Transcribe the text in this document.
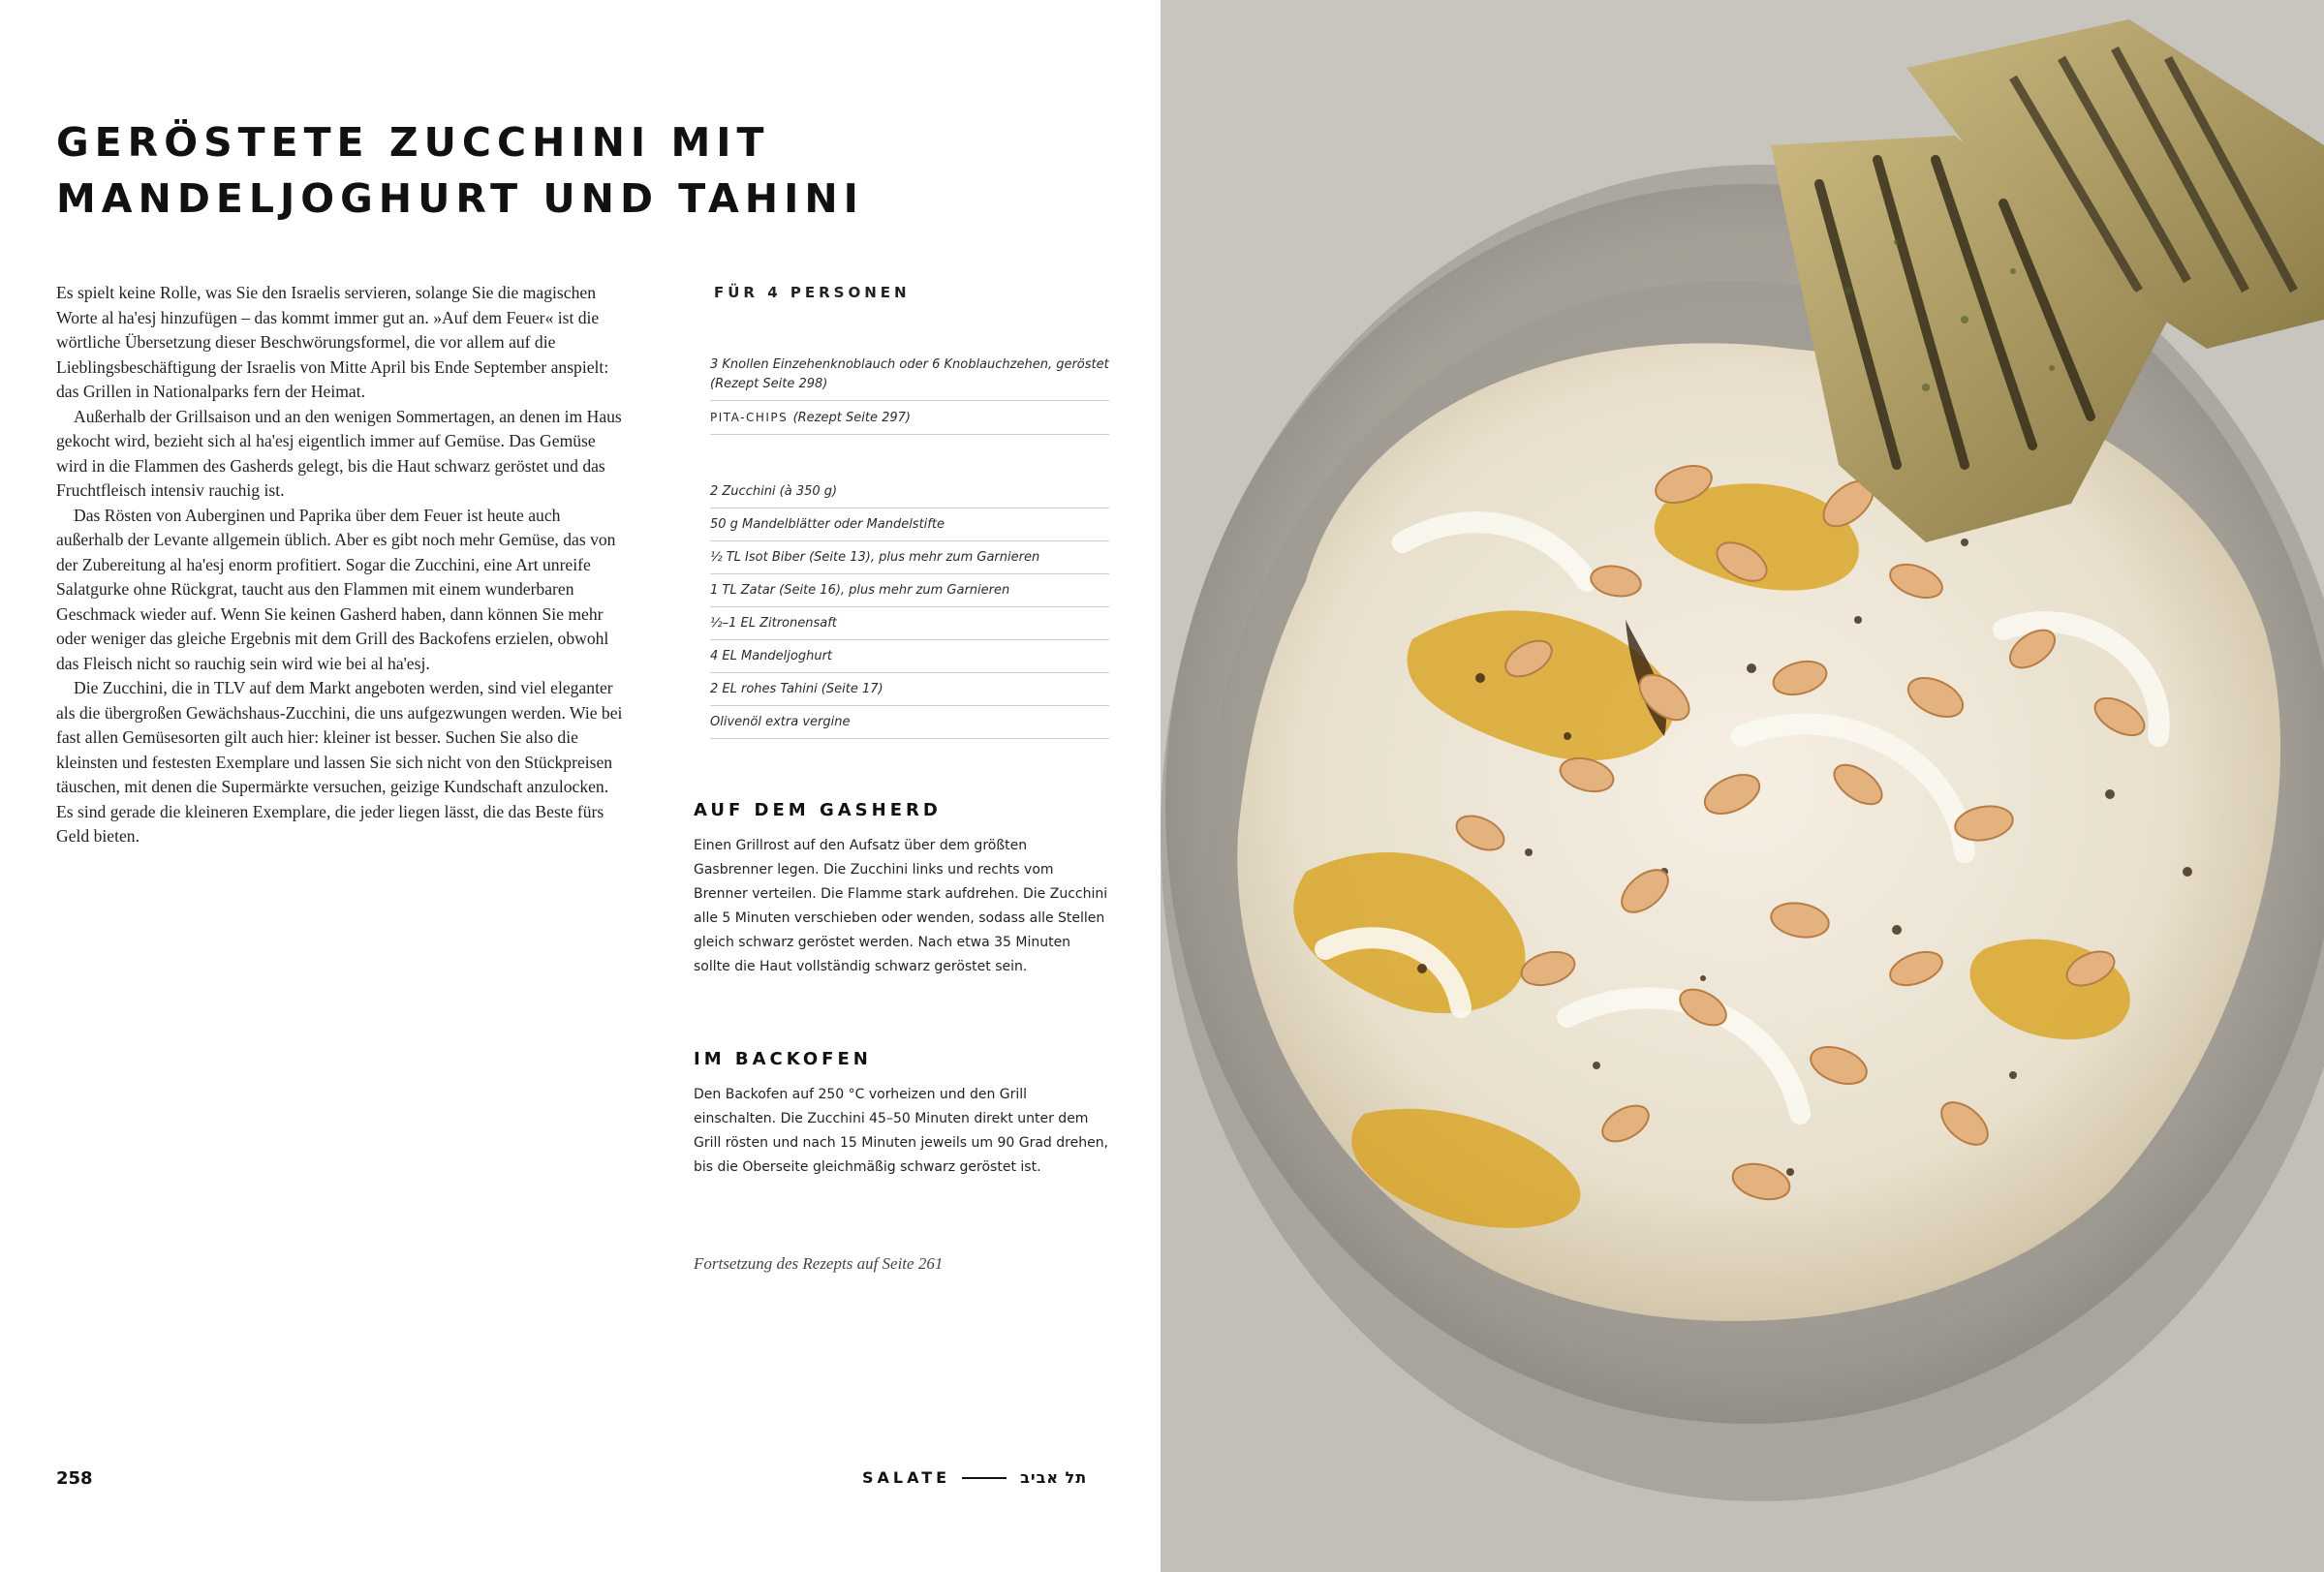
GERÖSTETE ZUCCHINI MIT
MANDELJOGHURT UND TAHINI

Es spielt keine Rolle, was Sie den Israelis servieren, solange Sie die magischen Worte al ha'esj hinzufügen – das kommt immer gut an. »Auf dem Feuer« ist die wörtliche Übersetzung dieser Beschwörungsformel, die vor allem auf die Lieblingsbeschäftigung der Israelis von Mitte April bis Ende September anspielt: das Grillen in Nationalparks fern der Heimat.

Außerhalb der Grillsaison und an den wenigen Sommertagen, an denen im Haus gekocht wird, bezieht sich al ha'esj eigentlich immer auf Gemüse. Das Gemüse wird in die Flammen des Gasherds gelegt, bis die Haut schwarz geröstet und das Fruchtfleisch intensiv rauchig ist.

Das Rösten von Auberginen und Paprika über dem Feuer ist heute auch außerhalb der Levante allgemein üblich. Aber es gibt noch mehr Gemüse, das von der Zubereitung al ha'esj enorm profitiert. Sogar die Zucchini, eine Art unreife Salatgurke ohne Rückgrat, taucht aus den Flammen mit einem wunderbaren Geschmack wieder auf. Wenn Sie keinen Gasherd haben, dann können Sie mehr oder weniger das gleiche Ergebnis mit dem Grill des Backofens erzielen, obwohl das Fleisch nicht so rauchig sein wird wie bei al ha'esj.

Die Zucchini, die in TLV auf dem Markt angeboten werden, sind viel eleganter als die übergroßen Gewächshaus-Zucchini, die uns aufgezwungen werden. Wie bei fast allen Gemüsesorten gilt auch hier: kleiner ist besser. Suchen Sie also die kleinsten und festesten Exemplare und lassen Sie sich nicht von den Stückpreisen täuschen, mit denen die Supermärkte versuchen, geizige Kundschaft anzulocken. Es sind gerade die kleineren Exemplare, die jeder liegen lässt, die das Beste fürs Geld bieten.

FÜR 4 PERSONEN
3 Knollen Einzehenknoblauch oder 6 Knoblauchzehen, geröstet (Rezept Seite 298)
PITA-CHIPS (Rezept Seite 297)
2 Zucchini (à 350 g)
50 g Mandelblätter oder Mandelstifte
½ TL Isot Biber (Seite 13), plus mehr zum Garnieren
1 TL Zatar (Seite 16), plus mehr zum Garnieren
½–1 EL Zitronensaft
4 EL Mandeljoghurt
2 EL rohes Tahini (Seite 17)
Olivenöl extra vergine
AUF DEM GASHERD
Einen Grillrost auf den Aufsatz über dem größten Gasbrenner legen. Die Zucchini links und rechts vom Brenner verteilen. Die Flamme stark aufdrehen. Die Zucchini alle 5 Minuten verschieben oder wenden, sodass alle Stellen gleich schwarz geröstet werden. Nach etwa 35 Minuten sollte die Haut vollständig schwarz geröstet sein.
IM BACKOFEN
Den Backofen auf 250 °C vorheizen und den Grill einschalten. Die Zucchini 45–50 Minuten direkt unter dem Grill rösten und nach 15 Minuten jeweils um 90 Grad drehen, bis die Oberseite gleichmäßig schwarz geröstet ist.
Fortsetzung des Rezepts auf Seite 261
258	SALATE	תל אביב
